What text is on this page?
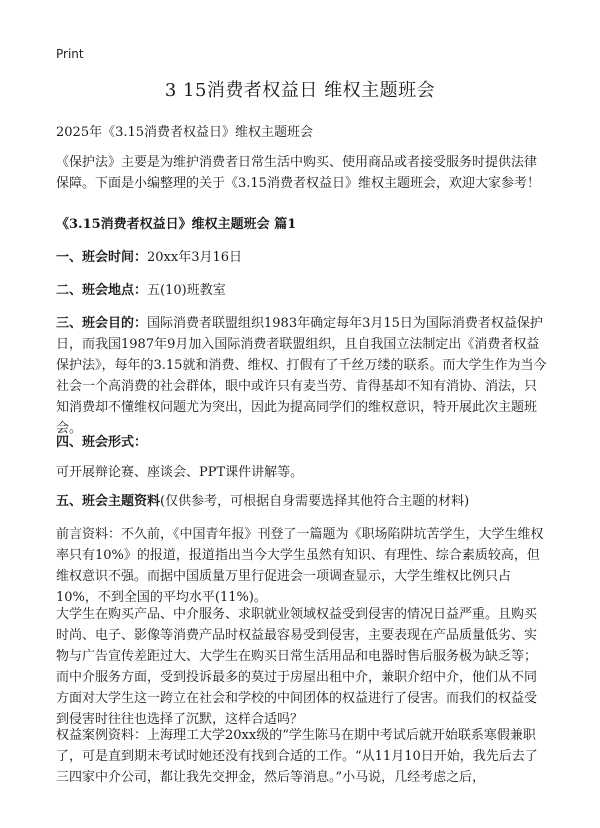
Print
3 15消费者权益日 维权主题班会

2025年《3.15消费者权益日》维权主题班会

《保护法》主要是为维护消费者日常生活中购买、使用商品或者接受服务时提供法律保障。下面是小编整理的关于《3.15消费者权益日》维权主题班会，欢迎大家参考！

《3.15消费者权益日》维权主题班会 篇1

一、班会时间：20xx年3月16日

二、班会地点：五(10)班教室

三、班会目的：国际消费者联盟组织1983年确定每年3月15日为国际消费者权益保护日，而我国1987年9月加入国际消费者联盟组织，且自我国立法制定出《消费者权益保护法》，每年的3.15就和消费、维权、打假有了千丝万缕的联系。而大学生作为当今社会一个高消费的社会群体，眼中或许只有麦当劳、肯得基却不知有消协、消法，只知消费却不懂维权问题尤为突出，因此为提高同学们的维权意识，特开展此次主题班会。

四、班会形式：

可开展辩论赛、座谈会、PPT课件讲解等。

五、班会主题资料(仅供参考，可根据自身需要选择其他符合主题的材料)

前言资料：不久前，《中国青年报》刊登了一篇题为《职场陷阱坑苦学生，大学生维权率只有10%》的报道，报道指出当今大学生虽然有知识、有理性、综合素质较高，但维权意识不强。而据中国质量万里行促进会一项调查显示，大学生维权比例只占10%，不到全国的平均水平(11%)。

大学生在购买产品、中介服务、求职就业领域权益受到侵害的情况日益严重。且购买时尚、电子、影像等消费产品时权益最容易受到侵害，主要表现在产品质量低劣、实物与广告宣传差距过大、大学生在购买日常生活用品和电器时售后服务极为缺乏等；而中介服务方面，受到投诉最多的莫过于房屋出租中介，兼职介绍中介，他们从不同方面对大学生这一跨立在社会和学校的中间团体的权益进行了侵害。而我们的权益受到侵害时往往也选择了沉默，这样合适吗？

权益案例资料：上海理工大学20xx级的“学生陈马在期中考试后就开始联系寒假兼职了，可是直到期末考试时她还没有找到合适的工作。“从11月10日开始，我先后去了三四家中介公司，都让我先交押金，然后等消息。”小马说，几经考虑之后，
